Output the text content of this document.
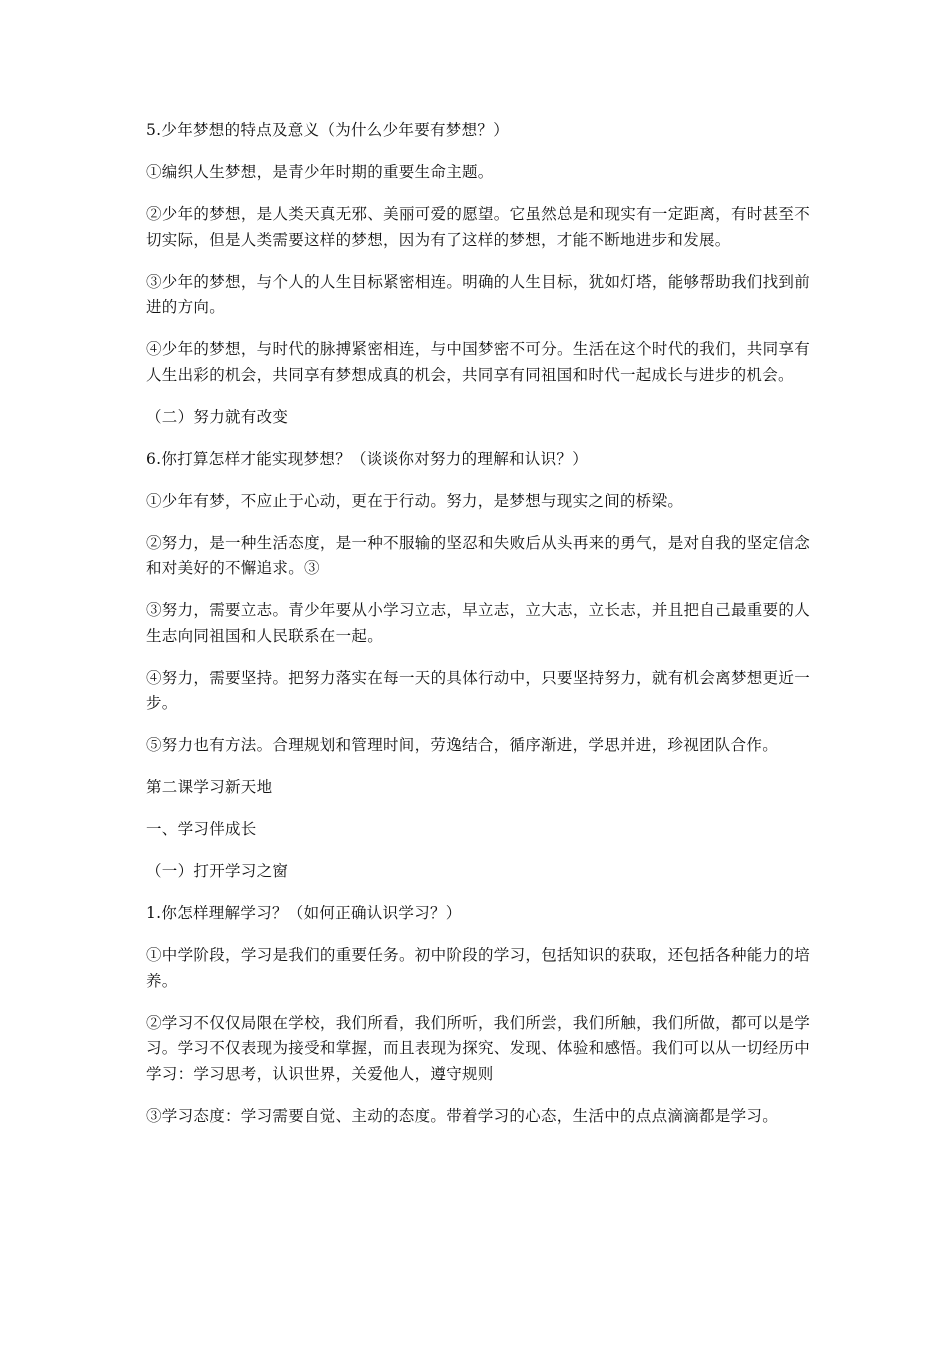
5.少年梦想的特点及意义（为什么少年要有梦想？）

①编织人生梦想，是青少年时期的重要生命主题。

②少年的梦想，是人类天真无邪、美丽可爱的愿望。它虽然总是和现实有一定距离，有时甚至不切实际，但是人类需要这样的梦想，因为有了这样的梦想，才能不断地进步和发展。

③少年的梦想，与个人的人生目标紧密相连。明确的人生目标，犹如灯塔，能够帮助我们找到前进的方向。

④少年的梦想，与时代的脉搏紧密相连，与中国梦密不可分。生活在这个时代的我们，共同享有人生出彩的机会，共同享有梦想成真的机会，共同享有同祖国和时代一起成长与进步的机会。

（二）努力就有改变

6.你打算怎样才能实现梦想？（谈谈你对努力的理解和认识？）

①少年有梦，不应止于心动，更在于行动。努力，是梦想与现实之间的桥梁。

②努力，是一种生活态度，是一种不服输的坚忍和失败后从头再来的勇气，是对自我的坚定信念和对美好的不懈追求。③

③努力，需要立志。青少年要从小学习立志，早立志，立大志，立长志，并且把自己最重要的人生志向同祖国和人民联系在一起。

④努力，需要坚持。把努力落实在每一天的具体行动中，只要坚持努力，就有机会离梦想更近一步。

⑤努力也有方法。合理规划和管理时间，劳逸结合，循序渐进，学思并进，珍视团队合作。

第二课学习新天地

一、学习伴成长

（一）打开学习之窗

1.你怎样理解学习？（如何正确认识学习？）

①中学阶段，学习是我们的重要任务。初中阶段的学习，包括知识的获取，还包括各种能力的培养。

②学习不仅仅局限在学校，我们所看，我们所听，我们所尝，我们所触，我们所做，都可以是学习。学习不仅表现为接受和掌握，而且表现为探究、发现、体验和感悟。我们可以从一切经历中学习：学习思考，认识世界，关爱他人，遵守规则

③学习态度：学习需要自觉、主动的态度。带着学习的心态，生活中的点点滴滴都是学习。
